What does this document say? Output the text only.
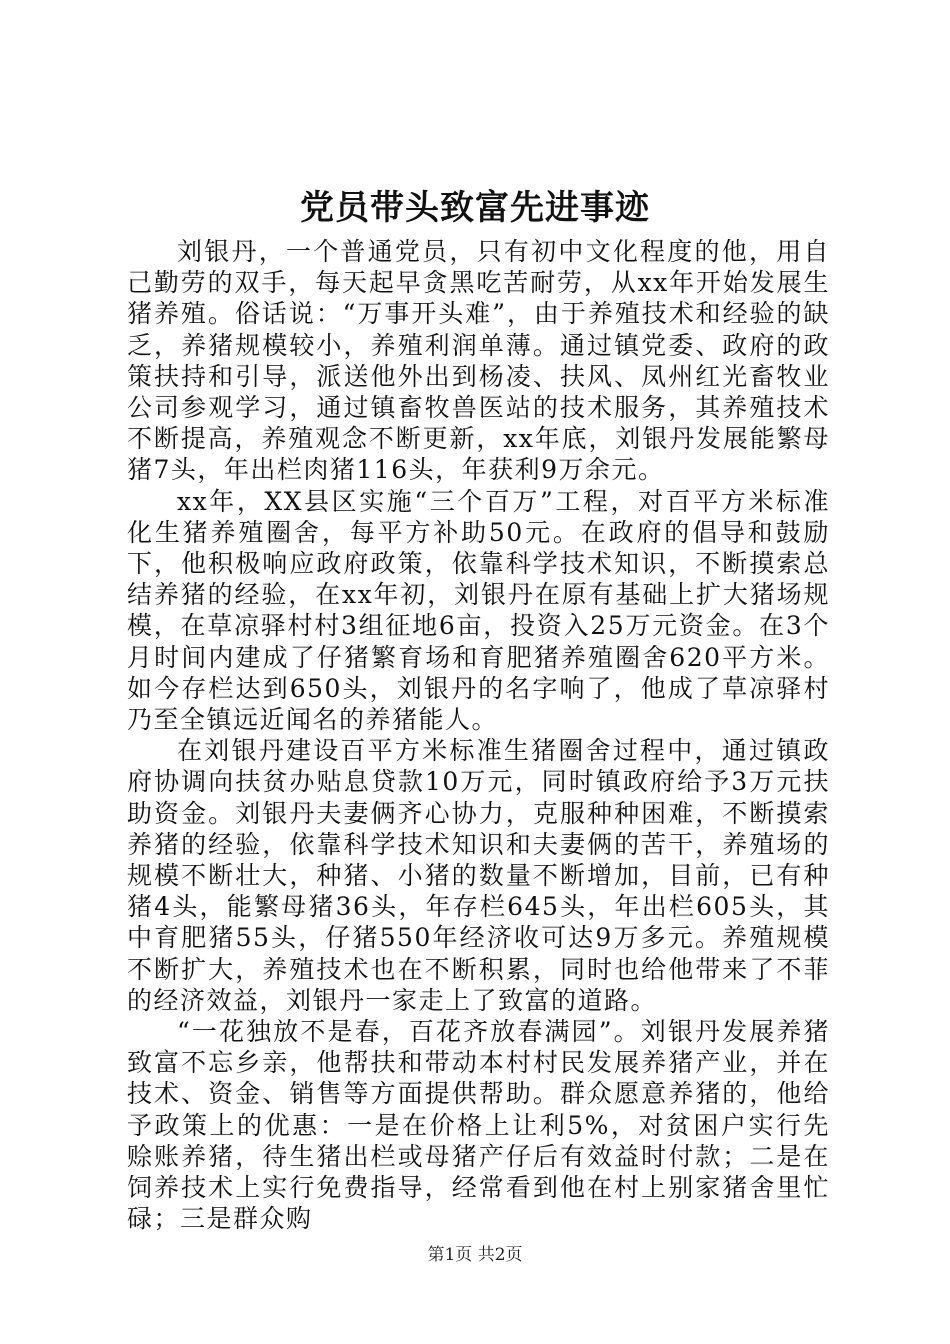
党员带头致富先进事迹

刘银丹，一个普通党员，只有初中文化程度的他，用自己勤劳的双手，每天起早贪黑吃苦耐劳，从xx年开始发展生猪养殖。俗话说：“万事开头难”，由于养殖技术和经验的缺乏，养猪规模较小，养殖利润单薄。通过镇党委、政府的政策扶持和引导，派送他外出到杨凌、扶风、凤州红光畜牧业公司参观学习，通过镇畜牧兽医站的技术服务，其养殖技术不断提高，养殖观念不断更新，xx年底，刘银丹发展能繁母猪7头，年出栏肉猪116头，年获利9万余元。

xx年，XX县区实施“三个百万”工程，对百平方米标准化生猪养殖圈舍，每平方补助50元。在政府的倡导和鼓励下，他积极响应政府政策，依靠科学技术知识，不断摸索总结养猪的经验，在xx年初，刘银丹在原有基础上扩大猪场规模，在草凉驿村村3组征地6亩，投资入25万元资金。在3个月时间内建成了仔猪繁育场和育肥猪养殖圈舍620平方米。如今存栏达到650头，刘银丹的名字响了，他成了草凉驿村乃至全镇远近闻名的养猪能人。

在刘银丹建设百平方米标准生猪圈舍过程中，通过镇政府协调向扶贫办贴息贷款10万元，同时镇政府给予3万元扶助资金。刘银丹夫妻俩齐心协力，克服种种困难，不断摸索养猪的经验，依靠科学技术知识和夫妻俩的苦干，养殖场的规模不断壮大，种猪、小猪的数量不断增加，目前，已有种猪4头，能繁母猪36头，年存栏645头，年出栏605头，其中育肥猪55头，仔猪550年经济收可达9万多元。养殖规模不断扩大，养殖技术也在不断积累，同时也给他带来了不菲的经济效益，刘银丹一家走上了致富的道路。

“一花独放不是春，百花齐放春满园”。刘银丹发展养猪致富不忘乡亲，他帮扶和带动本村村民发展养猪产业，并在技术、资金、销售等方面提供帮助。群众愿意养猪的，他给予政策上的优惠：一是在价格上让利5%，对贫困户实行先赊账养猪，待生猪出栏或母猪产仔后有效益时付款；二是在饲养技术上实行免费指导，经常看到他在村上别家猪舍里忙碌；三是群众购

第1页 共2页
